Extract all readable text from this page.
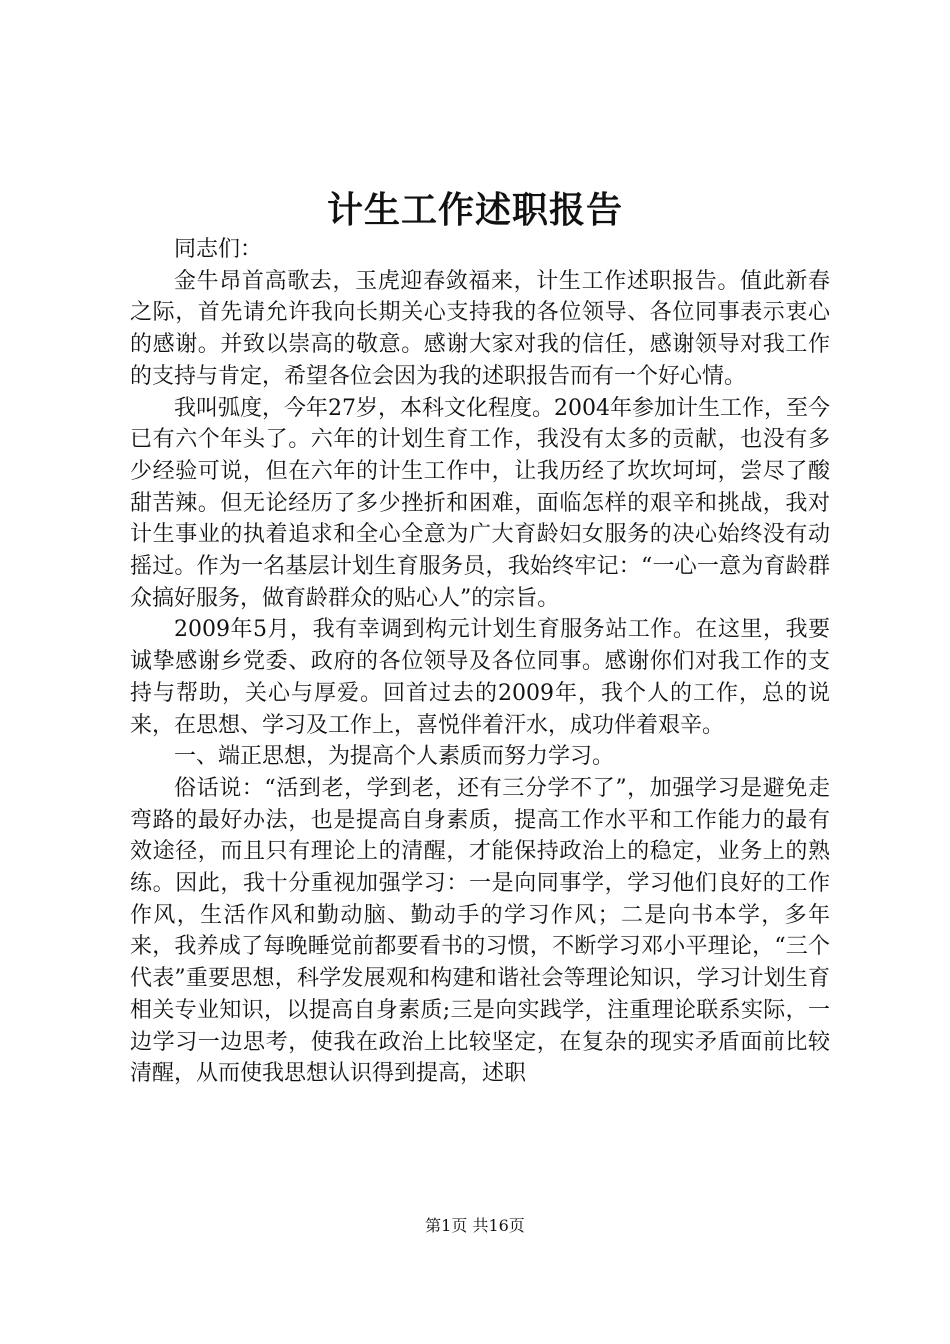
计生工作述职报告

同志们：

金牛昂首高歌去，玉虎迎春敛福来，计生工作述职报告。值此新春之际，首先请允许我向长期关心支持我的各位领导、各位同事表示衷心的感谢。并致以崇高的敬意。感谢大家对我的信任，感谢领导对我工作的支持与肯定，希望各位会因为我的述职报告而有一个好心情。

我叫弧度，今年27岁，本科文化程度。2004年参加计生工作，至今已有六个年头了。六年的计划生育工作，我没有太多的贡献，也没有多少经验可说，但在六年的计生工作中，让我历经了坎坎坷坷，尝尽了酸甜苦辣。但无论经历了多少挫折和困难，面临怎样的艰辛和挑战，我对计生事业的执着追求和全心全意为广大育龄妇女服务的决心始终没有动摇过。作为一名基层计划生育服务员，我始终牢记：“一心一意为育龄群众搞好服务，做育龄群众的贴心人”的宗旨。

2009年5月，我有幸调到构元计划生育服务站工作。在这里，我要诚挚感谢乡党委、政府的各位领导及各位同事。感谢你们对我工作的支持与帮助，关心与厚爱。回首过去的2009年，我个人的工作，总的说来，在思想、学习及工作上，喜悦伴着汗水，成功伴着艰辛。

一、端正思想，为提高个人素质而努力学习。

俗话说：“活到老，学到老，还有三分学不了”，加强学习是避免走弯路的最好办法，也是提高自身素质，提高工作水平和工作能力的最有效途径，而且只有理论上的清醒，才能保持政治上的稳定，业务上的熟练。因此，我十分重视加强学习：一是向同事学，学习他们良好的工作作风，生活作风和勤动脑、勤动手的学习作风；二是向书本学，多年来，我养成了每晚睡觉前都要看书的习惯，不断学习邓小平理论，“三个代表”重要思想，科学发展观和构建和谐社会等理论知识，学习计划生育相关专业知识，以提高自身素质;三是向实践学，注重理论联系实际，一边学习一边思考，使我在政治上比较坚定，在复杂的现实矛盾面前比较清醒，从而使我思想认识得到提高，述职

第1页 共16页
